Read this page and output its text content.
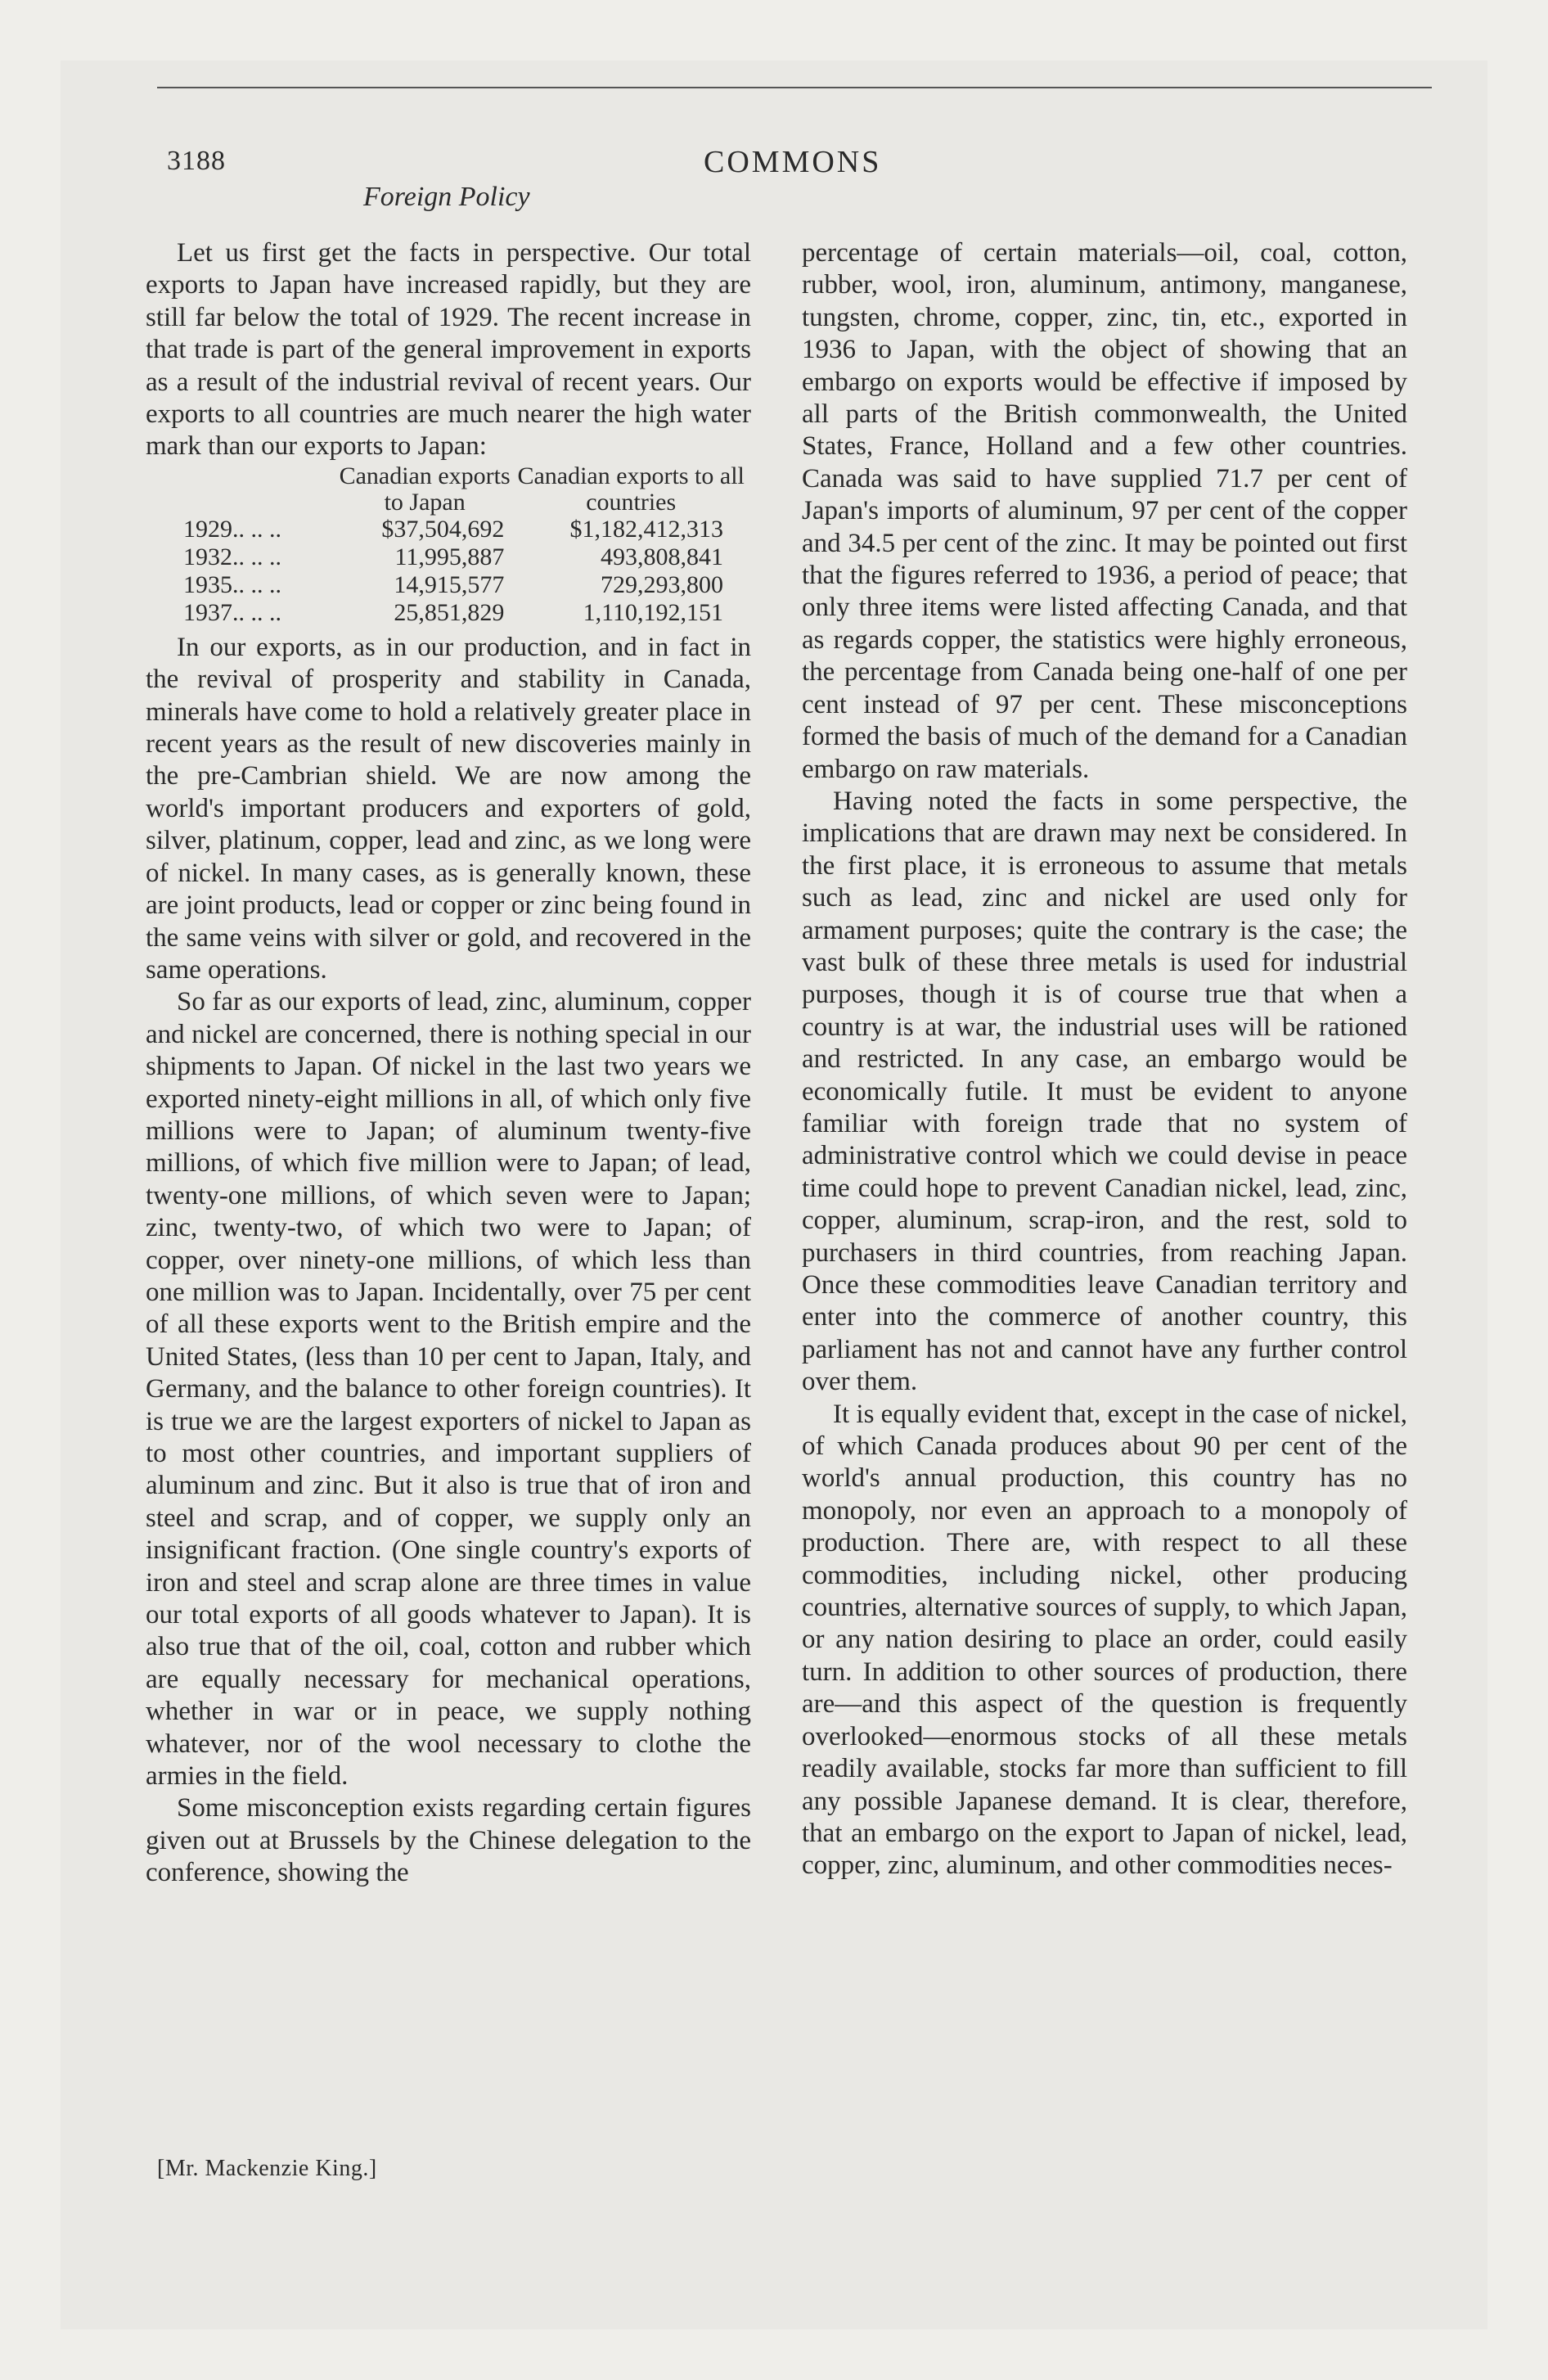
3188
Foreign Policy
COMMONS

Let us first get the facts in perspective. Our total exports to Japan have increased rapidly, but they are still far below the total of 1929. The recent increase in that trade is part of the general improvement in exports as a result of the industrial revival of recent years. Our exports to all countries are much nearer the high water mark than our exports to Japan:

	Canadian exports to Japan	Canadian exports to all countries
1929.. .. ..	$37,504,692	$1,182,412,313
1932.. .. ..	11,995,887	493,808,841
1935.. .. ..	14,915,577	729,293,800
1937.. .. ..	25,851,829	1,110,192,151

In our exports, as in our production, and in fact in the revival of prosperity and stability in Canada, minerals have come to hold a relatively greater place in recent years as the result of new discoveries mainly in the pre-Cambrian shield. We are now among the world's important producers and exporters of gold, silver, platinum, copper, lead and zinc, as we long were of nickel. In many cases, as is generally known, these are joint products, lead or copper or zinc being found in the same veins with silver or gold, and recovered in the same operations.

So far as our exports of lead, zinc, aluminum, copper and nickel are concerned, there is nothing special in our shipments to Japan. Of nickel in the last two years we exported ninety-eight millions in all, of which only five millions were to Japan; of aluminum twenty-five millions, of which five million were to Japan; of lead, twenty-one millions, of which seven were to Japan; zinc, twenty-two, of which two were to Japan; of copper, over ninety-one millions, of which less than one million was to Japan. Incidentally, over 75 per cent of all these exports went to the British empire and the United States, (less than 10 per cent to Japan, Italy, and Germany, and the balance to other foreign countries). It is true we are the largest exporters of nickel to Japan as to most other countries, and important suppliers of aluminum and zinc. But it also is true that of iron and steel and scrap, and of copper, we supply only an insignificant fraction. (One single country's exports of iron and steel and scrap alone are three times in value our total exports of all goods whatever to Japan). It is also true that of the oil, coal, cotton and rubber which are equally necessary for mechanical operations, whether in war or in peace, we supply nothing whatever, nor of the wool necessary to clothe the armies in the field.

Some misconception exists regarding certain figures given out at Brussels by the Chinese delegation to the conference, showing the

percentage of certain materials—oil, coal, cotton, rubber, wool, iron, aluminum, antimony, manganese, tungsten, chrome, copper, zinc, tin, etc., exported in 1936 to Japan, with the object of showing that an embargo on exports would be effective if imposed by all parts of the British commonwealth, the United States, France, Holland and a few other countries. Canada was said to have supplied 71.7 per cent of Japan's imports of aluminum, 97 per cent of the copper and 34.5 per cent of the zinc. It may be pointed out first that the figures referred to 1936, a period of peace; that only three items were listed affecting Canada, and that as regards copper, the statistics were highly erroneous, the percentage from Canada being one-half of one per cent instead of 97 per cent. These misconceptions formed the basis of much of the demand for a Canadian embargo on raw materials.

Having noted the facts in some perspective, the implications that are drawn may next be considered. In the first place, it is erroneous to assume that metals such as lead, zinc and nickel are used only for armament purposes; quite the contrary is the case; the vast bulk of these three metals is used for industrial purposes, though it is of course true that when a country is at war, the industrial uses will be rationed and restricted. In any case, an embargo would be economically futile. It must be evident to anyone familiar with foreign trade that no system of administrative control which we could devise in peace time could hope to prevent Canadian nickel, lead, zinc, copper, aluminum, scrap-iron, and the rest, sold to purchasers in third countries, from reaching Japan. Once these commodities leave Canadian territory and enter into the commerce of another country, this parliament has not and cannot have any further control over them.

It is equally evident that, except in the case of nickel, of which Canada produces about 90 per cent of the world's annual production, this country has no monopoly, nor even an approach to a monopoly of production. There are, with respect to all these commodities, including nickel, other producing countries, alternative sources of supply, to which Japan, or any nation desiring to place an order, could easily turn. In addition to other sources of production, there are—and this aspect of the question is frequently overlooked—enormous stocks of all these metals readily available, stocks far more than sufficient to fill any possible Japanese demand. It is clear, therefore, that an embargo on the export to Japan of nickel, lead, copper, zinc, aluminum, and other commodities neces-

[Mr. Mackenzie King.]
